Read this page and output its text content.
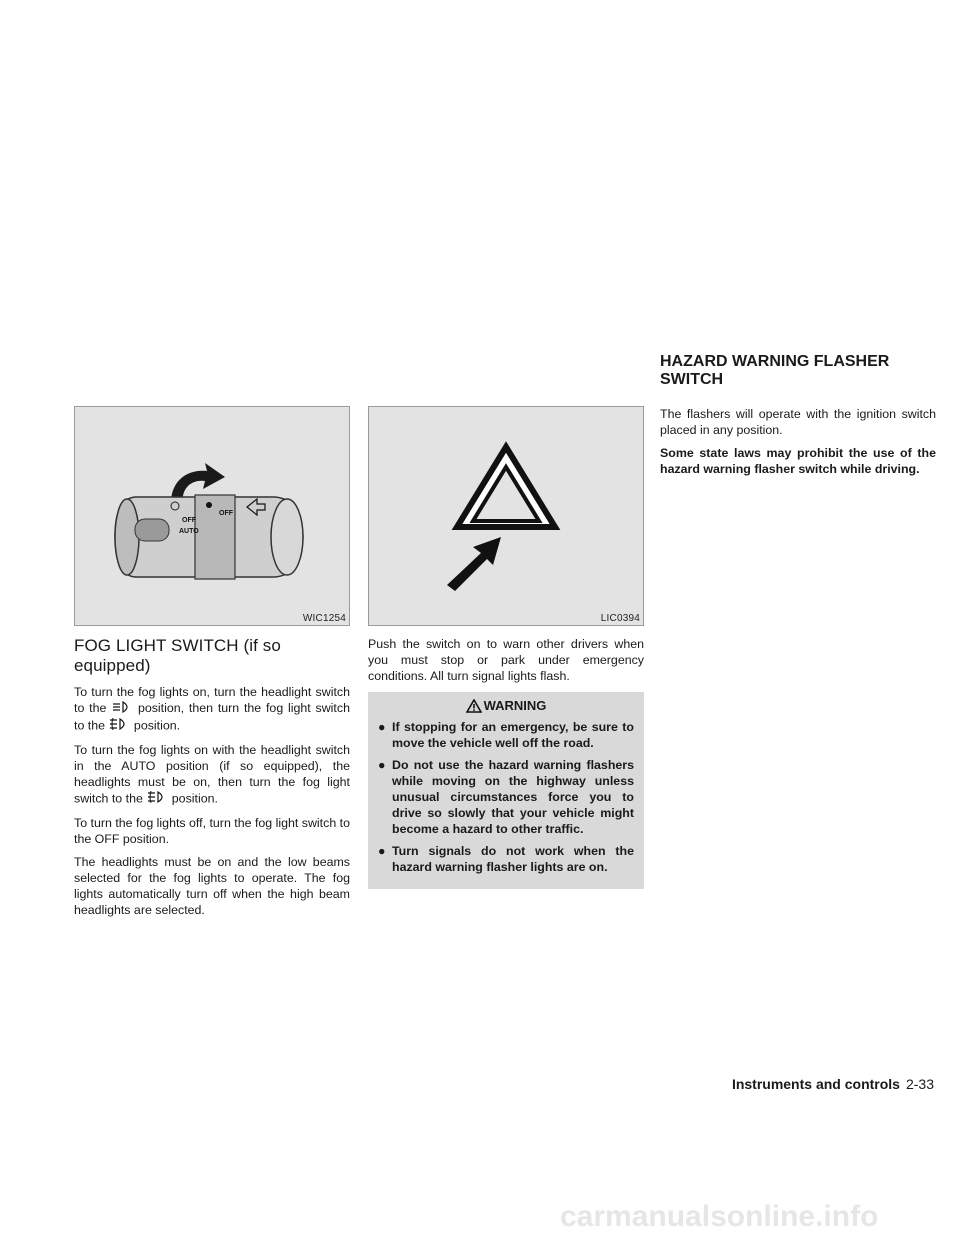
HAZARD WARNING FLASHER
SWITCH
OFF
AUTO
OFF
WIC1254
FOG LIGHT SWITCH (if so equipped)

To turn the fog lights on, turn the headlight switch to the	position, then turn the fog light switch to the position.

To turn the fog lights on with the headlight switch in the AUTO position (if so equipped), the headlights must be on, then turn the fog light switch to the position.

To turn the fog lights off, turn the fog light switch to the OFF position.

The headlights must be on and the low beams selected for the fog lights to operate. The fog lights automatically turn off when the high beam headlights are selected.

LIC0394

Push the switch on to warn other drivers when you must stop or park under emergency conditions. All turn signal lights flash.

WARNING
● If stopping for an emergency, be sure to move the vehicle well off the road.
● Do not use the hazard warning flashers while moving on the highway unless unusual circumstances force you to drive so slowly that your vehicle might become a hazard to other traffic.
● Turn signals do not work when the hazard warning flasher lights are on.

The flashers will operate with the ignition switch placed in any position.

Some state laws may prohibit the use of the hazard warning flasher switch while driving.

Instruments and controls 2-33
carmanualsonline.info
